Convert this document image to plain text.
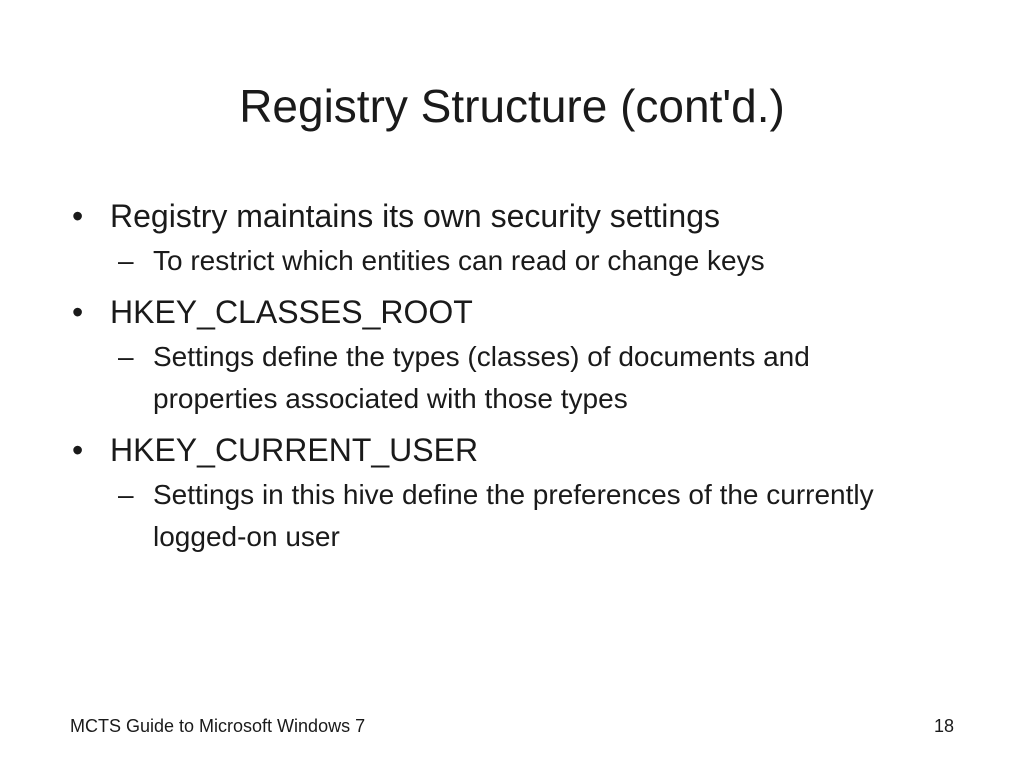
Registry Structure (cont'd.)
• Registry maintains its own security settings
– To restrict which entities can read or change keys
• HKEY_CLASSES_ROOT
– Settings define the types (classes) of documents and properties associated with those types
• HKEY_CURRENT_USER
– Settings in this hive define the preferences of the currently logged-on user
MCTS Guide to Microsoft Windows 7	18
